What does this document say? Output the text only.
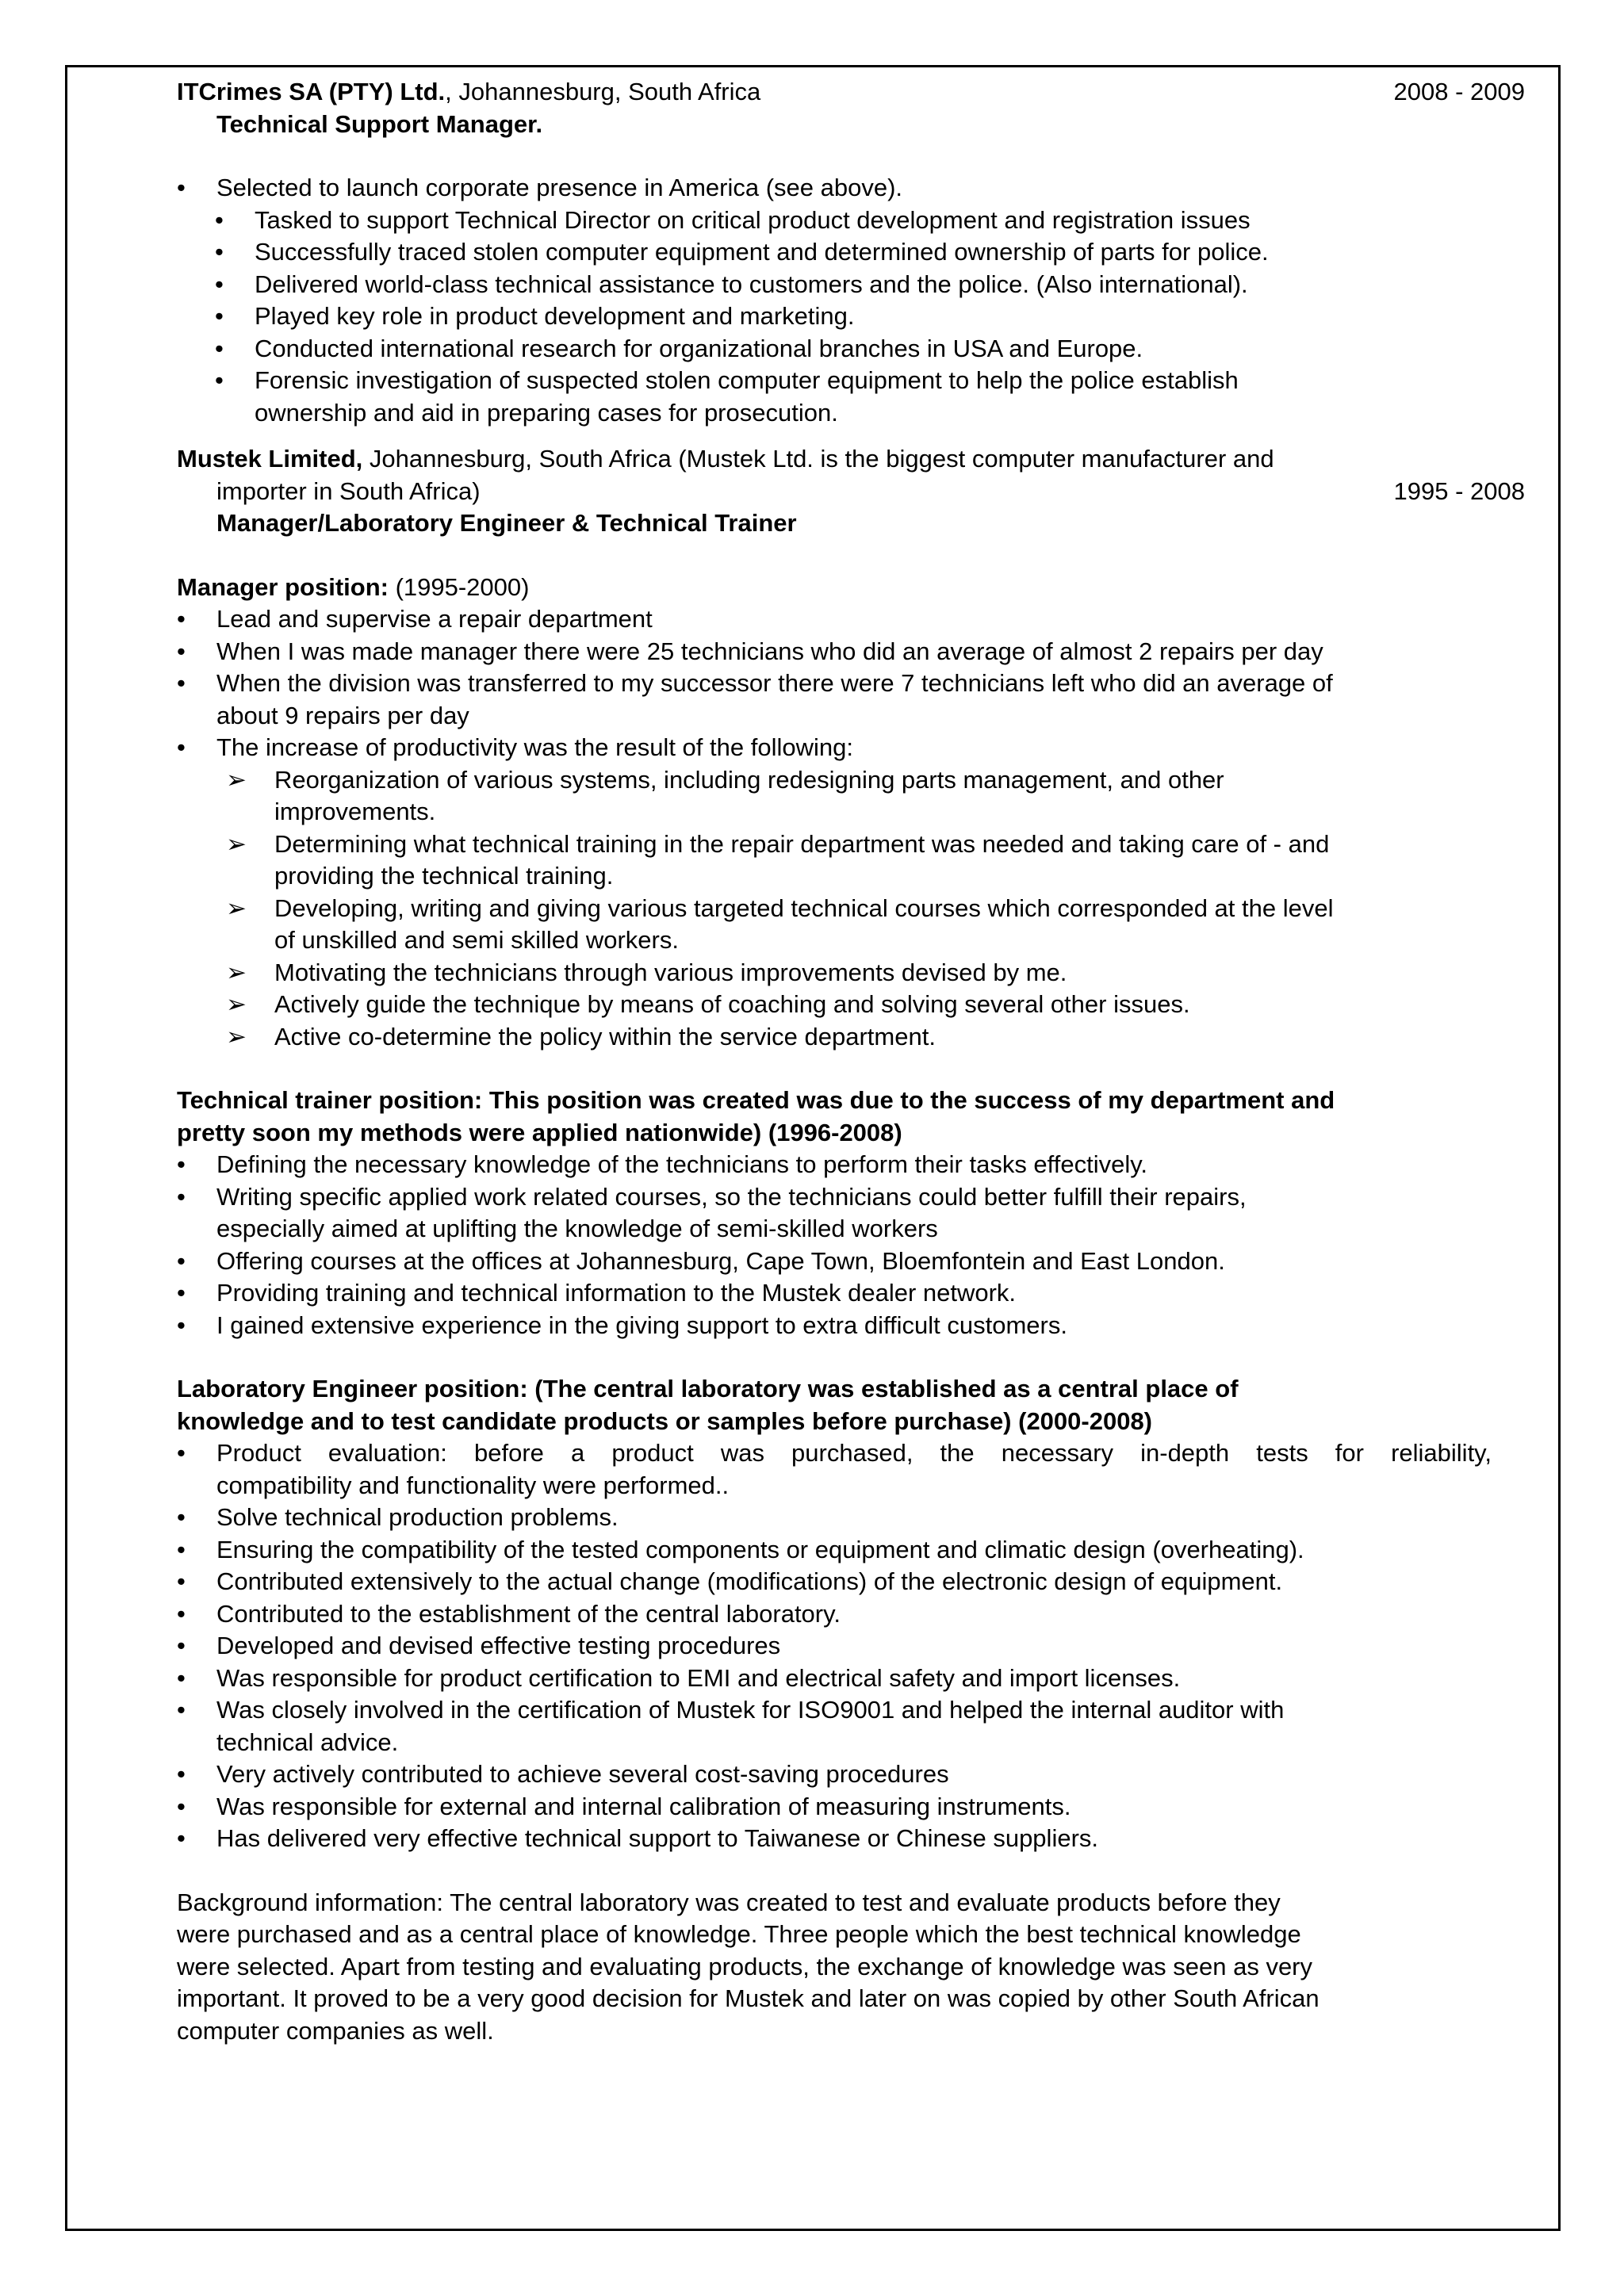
ITCrimes SA (PTY) Ltd., Johannesburg, South Africa	2008 - 2009
Technical Support Manager.
•	Selected to launch corporate presence in America (see above).
•	Tasked to support Technical Director on critical product development and registration issues
•	Successfully traced stolen computer equipment and determined ownership of parts for police.
•	Delivered world-class technical assistance to customers and the police. (Also international).
•	Played key role in product development and marketing.
•	Conducted international research for organizational branches in USA and Europe.
•	Forensic investigation of suspected stolen computer equipment to help the police establish
ownership and aid in preparing cases for prosecution.
Mustek Limited, Johannesburg, South Africa (Mustek Ltd. is the biggest computer manufacturer and
importer in South Africa)	1995 - 2008
Manager/Laboratory Engineer & Technical Trainer
Manager position: (1995-2000)
•	Lead and supervise a repair department
•	When I was made manager there were 25 technicians who did an average of almost 2 repairs per day
•	When the division was transferred to my successor there were 7 technicians left who did an average of
about 9 repairs per day
•	The increase of productivity was the result of the following:
➢ Reorganization of various systems, including redesigning parts management, and other
improvements.
➢ Determining what technical training in the repair department was needed and taking care of - and
providing the technical training.
➢ Developing, writing and giving various targeted technical courses which corresponded at the level
of unskilled and semi skilled workers.
➢ Motivating the technicians through various improvements devised by me.
➢ Actively guide the technique by means of coaching and solving several other issues.
➢ Active co-determine the policy within the service department.
Technical trainer position: This position was created was due to the success of my department and
pretty soon my methods were applied nationwide) (1996-2008)
•	Defining the necessary knowledge of the technicians to perform their tasks effectively.
•	Writing specific applied work related courses, so the technicians could better fulfill their repairs,
especially aimed at uplifting the knowledge of semi-skilled workers
•	Offering courses at the offices at Johannesburg, Cape Town, Bloemfontein and East London.
•	Providing training and technical information to the Mustek dealer network.
•	I gained extensive experience in the giving support to extra difficult customers.
Laboratory Engineer position: (The central laboratory was established as a central place of
knowledge and to test candidate products or samples before purchase) (2000-2008)
•	Product evaluation: before a product was purchased, the necessary in-depth tests for reliability,
compatibility and functionality were performed..
•	Solve technical production problems.
•	Ensuring the compatibility of the tested components or equipment and climatic design (overheating).
•	Contributed extensively to the actual change (modifications) of the electronic design of equipment.
•	Contributed to the establishment of the central laboratory.
•	Developed and devised effective testing procedures
•	Was responsible for product certification to EMI and electrical safety and import licenses.
•	Was closely involved in the certification of Mustek for ISO9001 and helped the internal auditor with
technical advice.
•	Very actively contributed to achieve several cost-saving procedures
•	Was responsible for external and internal calibration of measuring instruments.
•	Has delivered very effective technical support to Taiwanese or Chinese suppliers.
Background information: The central laboratory was created to test and evaluate products before they
were purchased and as a central place of knowledge. Three people which the best technical knowledge
were selected. Apart from testing and evaluating products, the exchange of knowledge was seen as very
important. It proved to be a very good decision for Mustek and later on was copied by other South African
computer companies as well.
